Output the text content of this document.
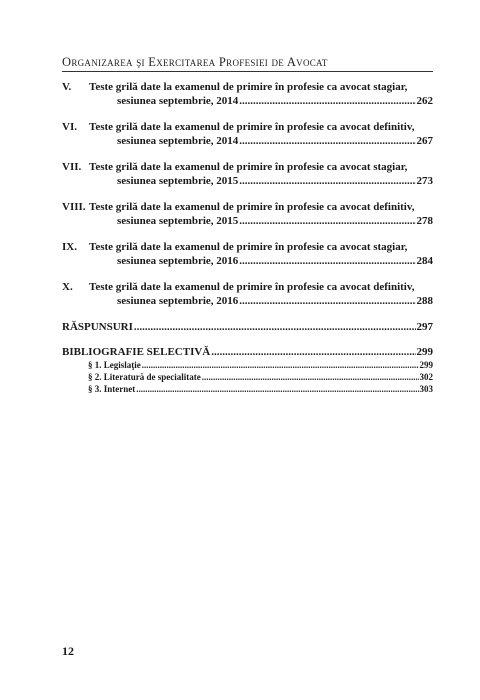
Organizarea şi Exercitarea Profesiei de Avocat
V. Teste grilă date la examenul de primire în profesie ca avocat stagiar,
sesiunea septembrie, 2014 .....	262
VI. Teste grilă date la examenul de primire în profesie ca avocat definitiv,
sesiunea septembrie, 2014 .....	267
VII. Teste grilă date la examenul de primire în profesie ca avocat stagiar,
sesiunea septembrie, 2015 .....	273
VIII. Teste grilă date la examenul de primire în profesie ca avocat definitiv,
sesiunea septembrie, 2015 .....	278
IX. Teste grilă date la examenul de primire în profesie ca avocat stagiar,
sesiunea septembrie, 2016 .....	284
X. Teste grilă date la examenul de primire în profesie ca avocat definitiv,
sesiunea septembrie, 2016 .....	288
RĂSPUNSURI .....	297
BIBLIOGRAFIE SELECTIVĂ .....	299
§ 1. Legislaţie .....	299
§ 2. Literatură de specialitate .....	302
§ 3. Internet .....	303
12
